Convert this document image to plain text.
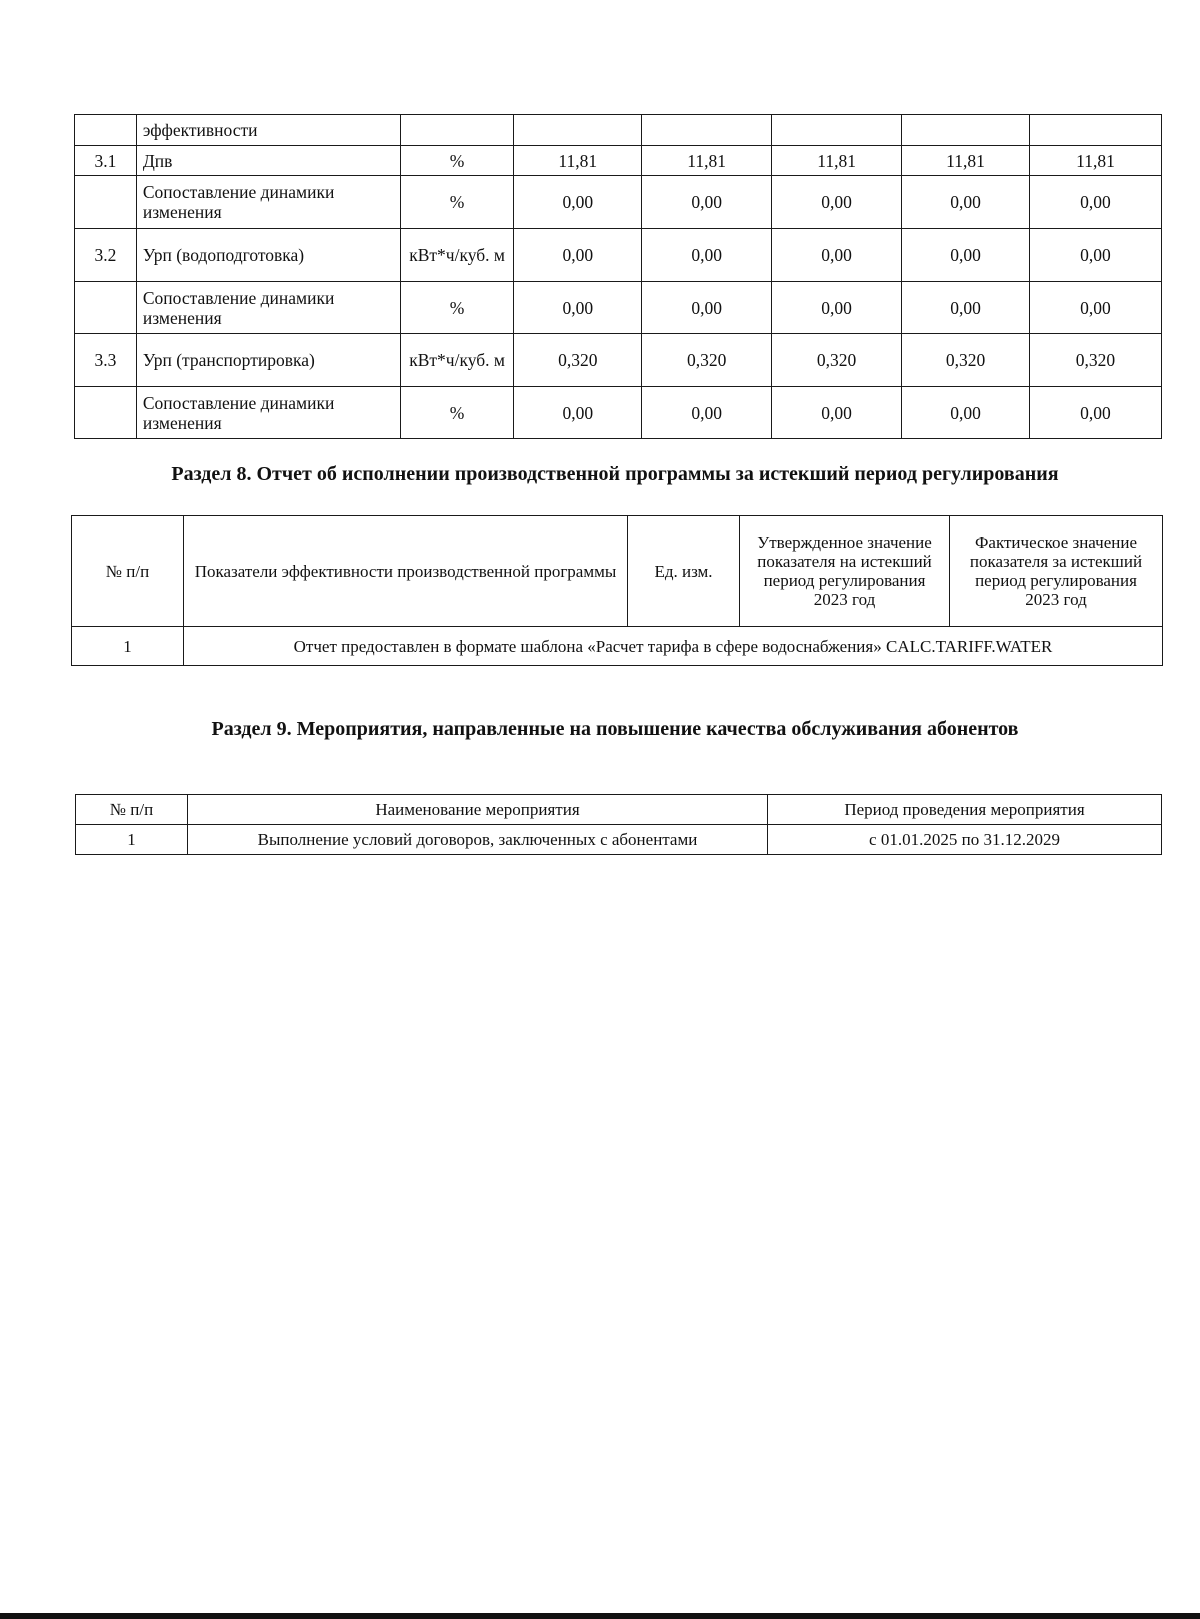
	эффективности						
3.1	Дпв	%	11,81	11,81	11,81	11,81	11,81
	Сопоставление динамики изменения	%	0,00	0,00	0,00	0,00	0,00
3.2	Урп (водоподготовка)	кВт*ч/куб. м	0,00	0,00	0,00	0,00	0,00
	Сопоставление динамики изменения	%	0,00	0,00	0,00	0,00	0,00
3.3	Урп (транспортировка)	кВт*ч/куб. м	0,320	0,320	0,320	0,320	0,320
	Сопоставление динамики изменения	%	0,00	0,00	0,00	0,00	0,00
Раздел 8. Отчет об исполнении производственной программы за истекший период регулирования
№ п/п	Показатели эффективности производственной программы	Ед. изм.	Утвержденное значение показателя на истекший период регулирования 2023 год	Фактическое значение показателя за истекший период регулирования 2023 год
1	Отчет предоставлен в формате шаблона «Расчет тарифа в сфере водоснабжения» CALC.TARIFF.WATER			
Раздел 9. Мероприятия, направленные на повышение качества обслуживания абонентов
№ п/п	Наименование мероприятия	Период проведения мероприятия
1	Выполнение условий договоров, заключенных с абонентами	с 01.01.2025 по 31.12.2029
